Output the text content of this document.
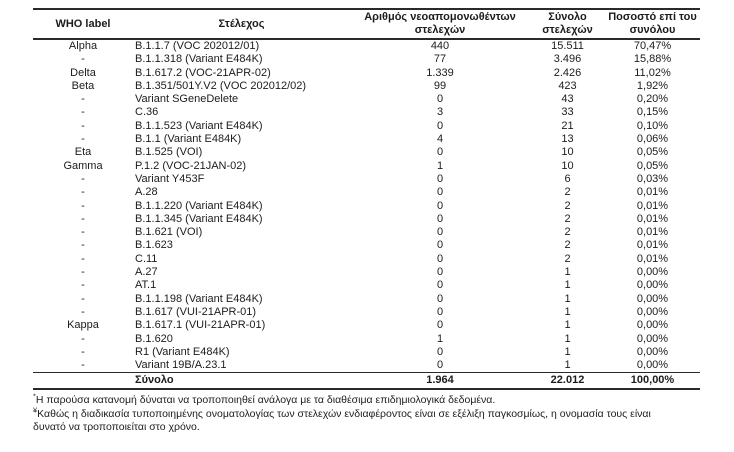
WHO label	Στέλεχος	Αριθμός νεοαπομονωθέντων στελεχών	Σύνολο στελεχών	Ποσοστό επί του συνόλου
Alpha	B.1.1.7 (VOC 202012/01)	440	15.511	70,47%
-	B.1.1.318 (Variant E484K)	77	3.496	15,88%
Delta	B.1.617.2 (VOC-21APR-02)	1.339	2.426	11,02%
Beta	B.1.351/501Y.V2 (VOC 202012/02)	99	423	1,92%
-	Variant SGeneDelete	0	43	0,20%
-	C.36	3	33	0,15%
-	B.1.1.523 (Variant E484K)	0	21	0,10%
-	B.1.1 (Variant E484K)	4	13	0,06%
Eta	B.1.525 (VOI)	0	10	0,05%
Gamma	P.1.2 (VOC-21JAN-02)	1	10	0,05%
-	Variant Y453F	0	6	0,03%
-	A.28	0	2	0,01%
-	B.1.1.220 (Variant E484K)	0	2	0,01%
-	B.1.1.345 (Variant E484K)	0	2	0,01%
-	B.1.621 (VOI)	0	2	0,01%
-	B.1.623	0	2	0,01%
-	C.11	0	2	0,01%
-	A.27	0	1	0,00%
-	AT.1	0	1	0,00%
-	B.1.1.198 (Variant E484K)	0	1	0,00%
-	B.1.617 (VUI-21APR-01)	0	1	0,00%
Kappa	B.1.617.1 (VUI-21APR-01)	0	1	0,00%
-	B.1.620	1	1	0,00%
-	R1 (Variant E484K)	0	1	0,00%
-	Variant 19B/A.23.1	0	1	0,00%
	Σύνολο	1.964	22.012	100,00%

*Η παρούσα κατανομή δύναται να τροποποιηθεί ανάλογα με τα διαθέσιμα επιδημιολογικά δεδομένα.

¥Καθώς η διαδικασία τυποποιημένης ονοματολογίας των στελεχών ενδιαφέροντος είναι σε εξέλιξη παγκοσμίως, η ονομασία τους είναι δυνατό να τροποποιείται στο χρόνο.
